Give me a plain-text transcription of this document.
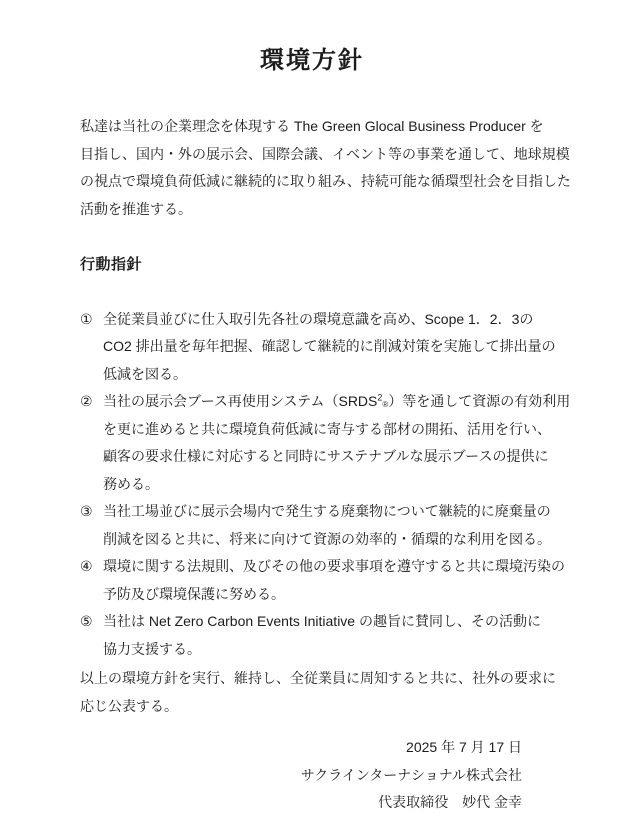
環境方針

私達は当社の企業理念を体現する The Green Glocal Business Producer を
目指し、国内・外の展示会、国際会議、イベント等の事業を通して、地球規模
の視点で環境負荷低減に継続的に取り組み、持続可能な循環型社会を目指した
活動を推進する。

行動指針
① 全従業員並びに仕入取引先各社の環境意識を高め、Scope 1．2．3の
CO2 排出量を毎年把握、確認して継続的に削減対策を実施して排出量の
低減を図る。
② 当社の展示会ブース再使用システム（SRDS$^2$®）等を通して資源の有効利用
を更に進めると共に環境負荷低減に寄与する部材の開拓、活用を行い、
顧客の要求仕様に対応すると同時にサステナブルな展示ブースの提供に
務める。
③ 当社工場並びに展示会場内で発生する廃棄物について継続的に廃棄量の
削減を図ると共に、将来に向けて資源の効率的・循環的な利用を図る。
④ 環境に関する法規則、及びその他の要求事項を遵守すると共に環境汚染の
予防及び環境保護に努める。
⑤ 当社は Net Zero Carbon Events Initiative の趣旨に賛同し、その活動に
協力支援する。

以上の環境方針を実行、維持し、全従業員に周知すると共に、社外の要求に
応じ公表する。

2025 年 7 月 17 日
サクラインターナショナル株式会社
代表取締役　妙代 金幸
